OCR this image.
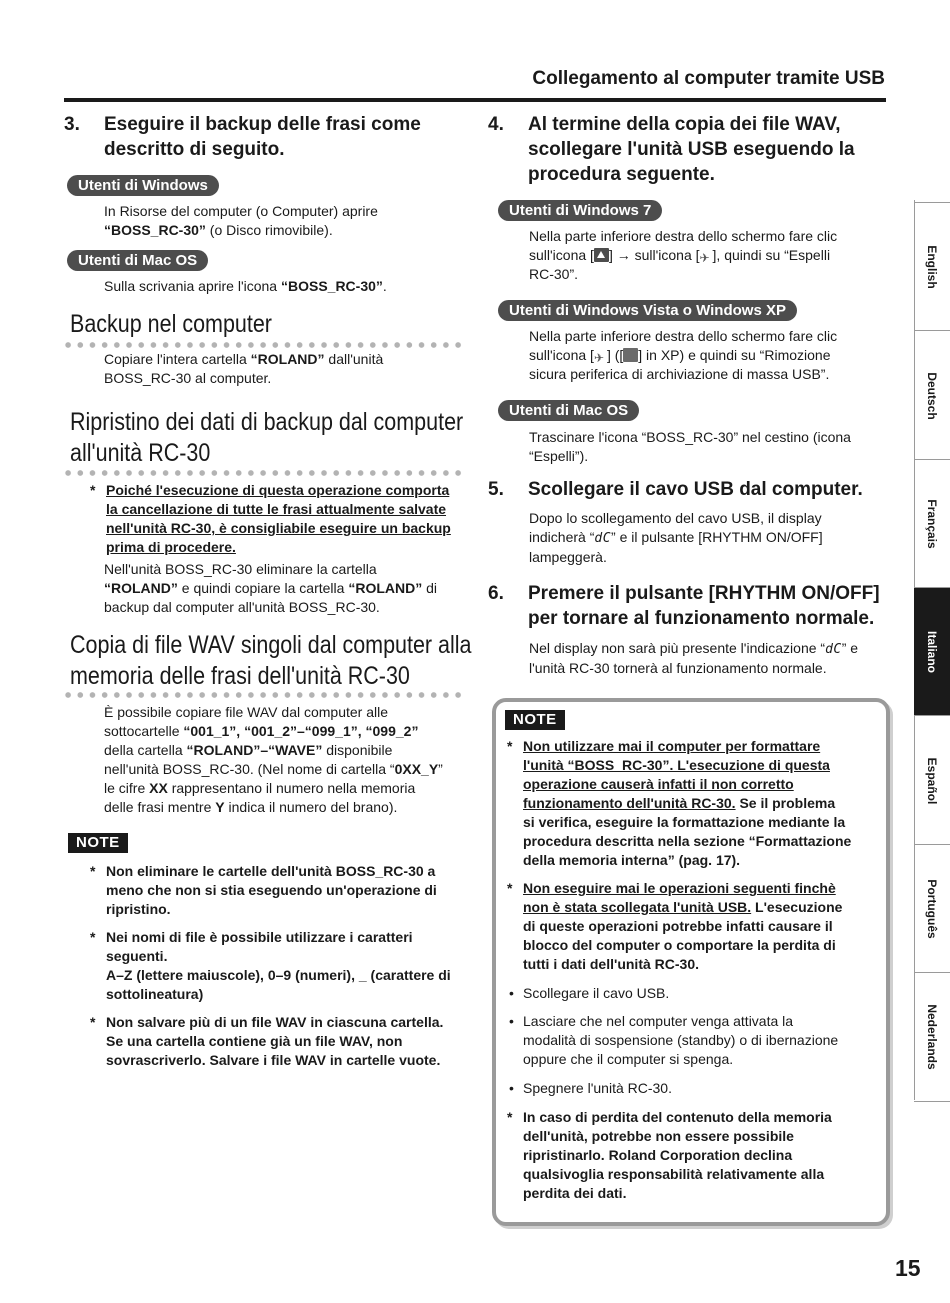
Collegamento al computer tramite USB
3. Eseguire il backup delle frasi come
descritto di seguito.
Utenti di Windows
In Risorse del computer (o Computer) aprire
“BOSS_RC-30” (o Disco rimovibile).
Utenti di Mac OS
Sulla scrivania aprire l'icona “BOSS_RC-30”.
Backup nel computer
Copiare l'intera cartella “ROLAND” dall'unità
BOSS_RC-30 al computer.
Ripristino dei dati di backup dal computer
all'unità RC-30
* Poiché l'esecuzione di questa operazione comporta
la cancellazione di tutte le frasi attualmente salvate
nell'unità RC-30, è consigliabile eseguire un backup
prima di procedere.
Nell'unità BOSS_RC-30 eliminare la cartella
“ROLAND” e quindi copiare la cartella “ROLAND” di
backup dal computer all'unità BOSS_RC-30.
Copia di file WAV singoli dal computer alla
memoria delle frasi dell'unità RC-30
È possibile copiare file WAV dal computer alle
sottocartelle “001_1”, “001_2”–“099_1”, “099_2”
della cartella “ROLAND”–“WAVE” disponibile
nell'unità BOSS_RC-30. (Nel nome di cartella “0XX_Y”
le cifre XX rappresentano il numero nella memoria
delle frasi mentre Y indica il numero del brano).
NOTE
* Non eliminare le cartelle dell'unità BOSS_RC-30 a
meno che non si stia eseguendo un'operazione di
ripristino.
* Nei nomi di file è possibile utilizzare i caratteri
seguenti.
A–Z (lettere maiuscole), 0–9 (numeri), _ (carattere di
sottolineatura)
* Non salvare più di un file WAV in ciascuna cartella.
Se una cartella contiene già un file WAV, non
sovrascriverlo. Salvare i file WAV in cartelle vuote.
4. Al termine della copia dei file WAV,
scollegare l'unità USB eseguendo la
procedura seguente.
Utenti di Windows 7
Nella parte inferiore destra dello schermo fare clic
sull'icona [ ] → sull'icona [✈ ], quindi su “Espelli
RC-30”.
Utenti di Windows Vista o Windows XP
Nella parte inferiore destra dello schermo fare clic
sull'icona [✈ ] ([ ] in XP) e quindi su “Rimozione
sicura periferica di archiviazione di massa USB”.
Utenti di Mac OS
Trascinare l'icona “BOSS_RC-30” nel cestino (icona
“Espelli”).
5. Scollegare il cavo USB dal computer.
Dopo lo scollegamento del cavo USB, il display
indicherà “dC” e il pulsante [RHYTHM ON/OFF]
lampeggerà.
6. Premere il pulsante [RHYTHM ON/OFF]
per tornare al funzionamento normale.
Nel display non sarà più presente l'indicazione “dC” e
l'unità RC-30 tornerà al funzionamento normale.
NOTE
* Non utilizzare mai il computer per formattare
l'unità “BOSS_RC-30”. L'esecuzione di questa
operazione causerà infatti il non corretto
funzionamento dell'unità RC-30. Se il problema
si verifica, eseguire la formattazione mediante la
procedura descritta nella sezione “Formattazione
della memoria interna” (pag. 17).
* Non eseguire mai le operazioni seguenti finchè
non è stata scollegata l'unità USB. L'esecuzione
di queste operazioni potrebbe infatti causare il
blocco del computer o comportare la perdita di
tutti i dati dell'unità RC-30.
• Scollegare il cavo USB.
• Lasciare che nel computer venga attivata la
modalità di sospensione (standby) o di ibernazione
oppure che il computer si spenga.
• Spegnere l'unità RC-30.
* In caso di perdita del contenuto della memoria
dell'unità, potrebbe non essere possibile
ripristinarlo. Roland Corporation declina
qualsivoglia responsabilità relativamente alla
perdita dei dati.
English
Deutsch
Français
Italiano
Español
Português
Nederlands
15
